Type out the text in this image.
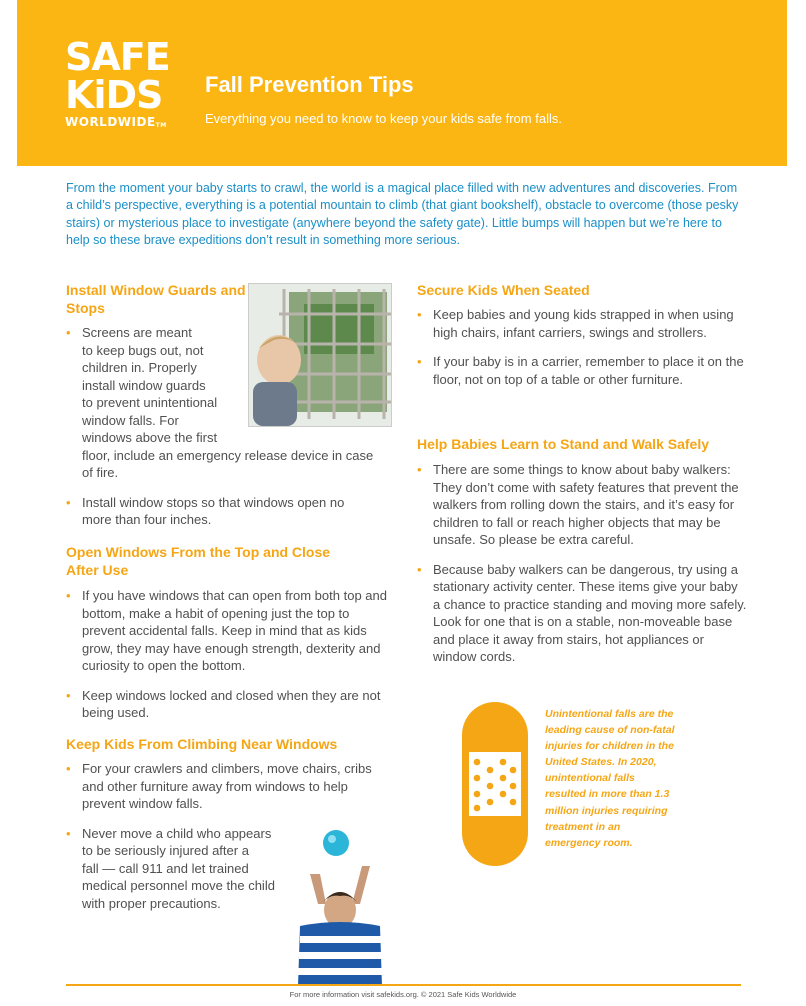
SAFE
KiDS
WORLDWIDETM
Fall Prevention Tips
Everything you need to know to keep your kids safe from falls.
From the moment your baby starts to crawl, the world is a magical place filled with new adventures and discoveries. From a child’s perspective, everything is a potential mountain to climb (that giant bookshelf), obstacle to overcome (those pesky stairs) or mysterious place to investigate (anywhere beyond the safety gate). Little bumps will happen but we’re here to help so these brave expeditions don’t result in something more serious.
Install Window Guards and Stops
• Screens are meant
to keep bugs out, not
children in. Properly
install window guards
to prevent unintentional
window falls. For
windows above the first
floor, include an emergency release device in case
of fire.
• Install window stops so that windows open no more than four inches.
Open Windows From the Top and Close After Use
• If you have windows that can open from both top and bottom, make a habit of opening just the top to prevent accidental falls. Keep in mind that as kids grow, they may have enough strength, dexterity and curiosity to open the bottom.
• Keep windows locked and closed when they are not being used.
Keep Kids From Climbing Near Windows
• For your crawlers and climbers, move chairs, cribs and other furniture away from windows to help prevent window falls.
• Never move a child who appears
to be seriously injured after a
fall — call 911 and let trained
medical personnel move the child
with proper precautions.
Secure Kids When Seated
• Keep babies and young kids strapped in when using high chairs, infant carriers, swings and strollers.
• If your baby is in a carrier, remember to place it on the floor, not on top of a table or other furniture.
Help Babies Learn to Stand and Walk Safely
• There are some things to know about baby walkers: They don’t come with safety features that prevent the walkers from rolling down the stairs, and it’s easy for children to fall or reach higher objects that may be unsafe. So please be extra careful.
• Because baby walkers can be dangerous, try using a stationary activity center. These items give your baby a chance to practice standing and moving more safely. Look for one that is on a stable, non-moveable base and place it away from stairs, hot appliances or window cords.
Unintentional falls are the leading cause of non-fatal injuries for children in the United States. In 2020, unintentional falls resulted in more than 1.3 million injuries requiring treatment in an emergency room.
For more information visit safekids.org. © 2021 Safe Kids Worldwide
